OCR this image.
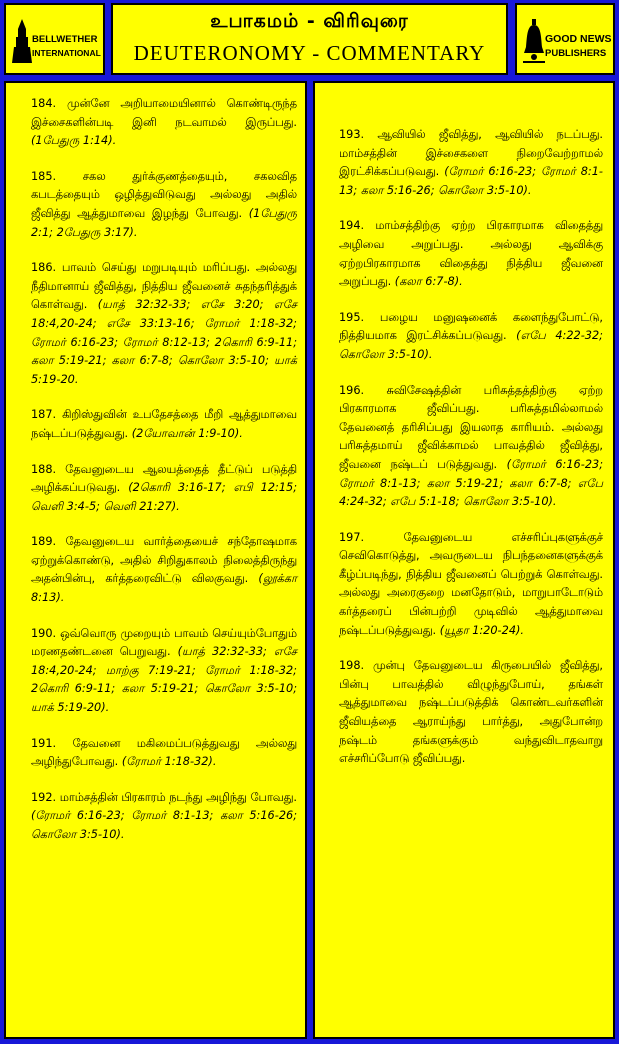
BELLWETHER
INTERNATIONAL
உபாகமம் - விரிவுரை
DEUTERONOMY - COMMENTARY
GOOD NEWS
PUBLISHERS

184. முன்னே அறியாமையினால் கொண்டிருந்த இச்சைகளின்படி இனி நடவாமல் இருப்பது. (1பேதுரு 1:14).

185. சகல துர்க்குணத்தையும், சகலவித கபடத்தையும் ஒழித்துவிடுவது அல்லது அதில் ஜீவித்து ஆத்துமாவை இழந்து போவது. (1பேதுரு 2:1; 2பேதுரு 3:17).

186. பாவம் செய்து மறுபடியும் மரிப்பது. அல்லது நீதிமானாய் ஜீவித்து, நித்திய ஜீவனைச் சுதந்தரித்துக் கொள்வது. (யாத் 32:32-33; எசே 3:20; எசே 18:4,20-24; எசே 33:13-16; ரோமர் 1:18-32; ரோமர் 6:16-23; ரோமர் 8:12-13; 2கொரி 6:9-11; கலா 5:19-21; கலா 6:7-8; கொலோ 3:5-10; யாக் 5:19-20.

187. கிறிஸ்துவின் உபதேசத்தை மீறி ஆத்துமாவை நஷ்டப்படுத்துவது. (2யோவான் 1:9-10).

188. தேவனுடைய ஆலயத்தைத் தீட்டுப் படுத்தி அழிக்கப்படுவது. (2கொரி 3:16-17; எபி 12:15; வெளி 3:4-5; வெளி 21:27).

189. தேவனுடைய வார்த்தையைச் சந்தோஷமாக ஏற்றுக்கொண்டு, அதில் சிறிதுகாலம் நிலைத்திருந்து அதன்பின்பு, கர்த்தரைவிட்டு விலகுவது. (லூக்கா 8:13).

190. ஒவ்வொரு முறையும் பாவம் செய்யும்போதும் மரணதண்டனை பெறுவது. (யாத் 32:32-33; எசே 18:4,20-24; மாற்கு 7:19-21; ரோமர் 1:18-32; 2கொரி 6:9-11; கலா 5:19-21; கொலோ 3:5-10; யாக் 5:19-20).

191. தேவனை மகிமைப்படுத்துவது அல்லது அழிந்துபோவது. (ரோமர் 1:18-32).

192. மாம்சத்தின் பிரகாரம் நடந்து அழிந்து போவது. (ரோமர் 6:16-23; ரோமர் 8:1-13; கலா 5:16-26; கொலோ 3:5-10).

193. ஆவியில் ஜீவித்து, ஆவியில் நடப்பது. மாம்சத்தின் இச்சைகளை நிறைவேற்றாமல் இரட்சிக்கப்படுவது. (ரோமர் 6:16-23; ரோமர் 8:1-13; கலா 5:16-26; கொலோ 3:5-10).

194. மாம்சத்திற்கு ஏற்ற பிரகாரமாக விதைத்து அழிவை அறுப்பது. அல்லது ஆவிக்கு ஏற்றபிரகாரமாக விதைத்து நித்திய ஜீவனை அறுப்பது. (கலா 6:7-8).

195. பழைய மனுஷனைக் களைந்துபோட்டு, நித்தியமாக இரட்சிக்கப்படுவது. (எபே 4:22-32; கொலோ 3:5-10).

196. சுவிசேஷத்தின் பரிசுத்தத்திற்கு ஏற்ற பிரகாரமாக ஜீவிப்பது. பரிசுத்தமில்லாமல் தேவனைத் தரிசிப்பது இயலாத காரியம். அல்லது பரிசுத்தமாய் ஜீவிக்காமல் பாவத்தில் ஜீவித்து, ஜீவனை நஷ்டப் படுத்துவது. (ரோமர் 6:16-23; ரோமர் 8:1-13; கலா 5:19-21; கலா 6:7-8; எபே 4:24-32; எபே 5:1-18; கொலோ 3:5-10).

197. தேவனுடைய எச்சரிப்புகளுக்குச் செவிகொடுத்து, அவருடைய நிபந்தனைகளுக்குக் கீழ்ப்படிந்து, நித்திய ஜீவனைப் பெற்றுக் கொள்வது. அல்லது அரைகுறை மனதோடும், மாறுபாடோடும் கர்த்தரைப் பின்பற்றி முடிவில் ஆத்துமாவை நஷ்டப்படுத்துவது. (யூதா 1:20-24).

198. முன்பு தேவனுடைய கிருபையில் ஜீவித்து, பின்பு பாவத்தில் விழுந்துபோய், தங்கள் ஆத்துமாவை நஷ்டப்படுத்திக் கொண்டவர்களின் ஜீவியத்தை ஆராய்ந்து பார்த்து, அதுபோன்ற நஷ்டம் தங்களுக்கும் வந்துவிடாதவாறு எச்சரிப்போடு ஜீவிப்பது.
